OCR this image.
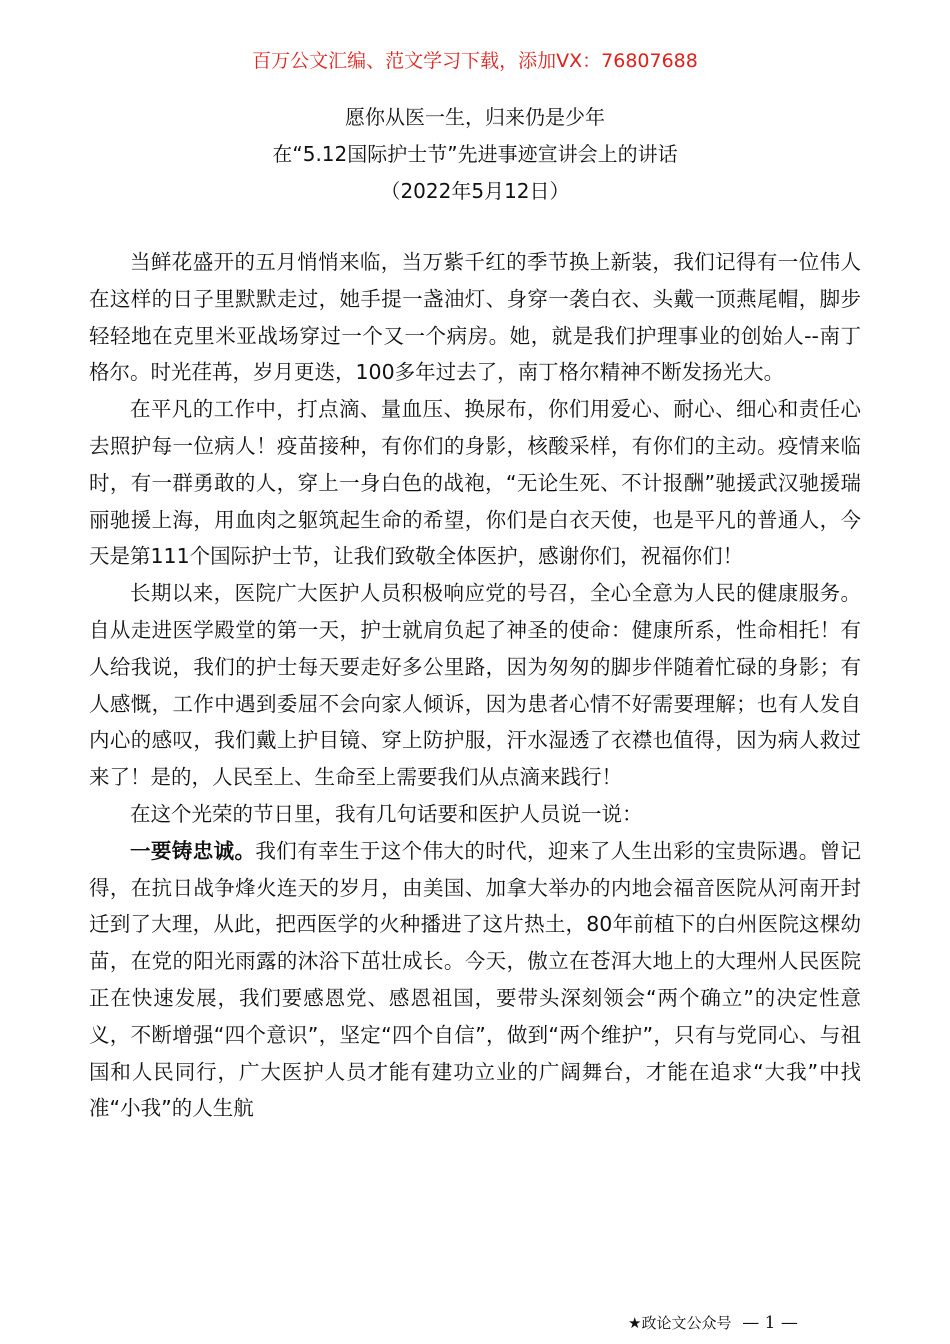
百万公文汇编、范文学习下载，添加VX：76807688

愿你从医一生，归来仍是少年

在“5.12国际护士节”先进事迹宣讲会上的讲话

（2022年5月12日）

当鲜花盛开的五月悄悄来临，当万紫千红的季节换上新装，我们记得有一位伟人在这样的日子里默默走过，她手提一盏油灯、身穿一袭白衣、头戴一顶燕尾帽，脚步轻轻地在克里米亚战场穿过一个又一个病房。她，就是我们护理事业的创始人--南丁格尔。时光荏苒，岁月更迭，100多年过去了，南丁格尔精神不断发扬光大。

在平凡的工作中，打点滴、量血压、换尿布，你们用爱心、耐心、细心和责任心去照护每一位病人！疫苗接种，有你们的身影，核酸采样，有你们的主动。疫情来临时，有一群勇敢的人，穿上一身白色的战袍，“无论生死、不计报酬”驰援武汉驰援瑞丽驰援上海，用血肉之躯筑起生命的希望，你们是白衣天使，也是平凡的普通人，今天是第111个国际护士节，让我们致敬全体医护，感谢你们，祝福你们！

长期以来，医院广大医护人员积极响应党的号召，全心全意为人民的健康服务。自从走进医学殿堂的第一天，护士就肩负起了神圣的使命：健康所系，性命相托！有人给我说，我们的护士每天要走好多公里路，因为匆匆的脚步伴随着忙碌的身影；有人感慨，工作中遇到委屈不会向家人倾诉，因为患者心情不好需要理解；也有人发自内心的感叹，我们戴上护目镜、穿上防护服，汗水湿透了衣襟也值得，因为病人救过来了！是的，人民至上、生命至上需要我们从点滴来践行！

在这个光荣的节日里，我有几句话要和医护人员说一说：

一要铸忠诚。我们有幸生于这个伟大的时代，迎来了人生出彩的宝贵际遇。曾记得，在抗日战争烽火连天的岁月，由美国、加拿大举办的内地会福音医院从河南开封迁到了大理，从此，把西医学的火种播进了这片热土，80年前植下的白州医院这棵幼苗，在党的阳光雨露的沐浴下茁壮成长。今天，傲立在苍洱大地上的大理州人民医院正在快速发展，我们要感恩党、感恩祖国，要带头深刻领会“两个确立”的决定性意义，不断增强“四个意识”，坚定“四个自信”，做到“两个维护”，只有与党同心、与祖国和人民同行，广大医护人员才能有建功立业的广阔舞台，才能在追求“大我”中找准“小我”的人生航

★政论文公众号 — 1 —
